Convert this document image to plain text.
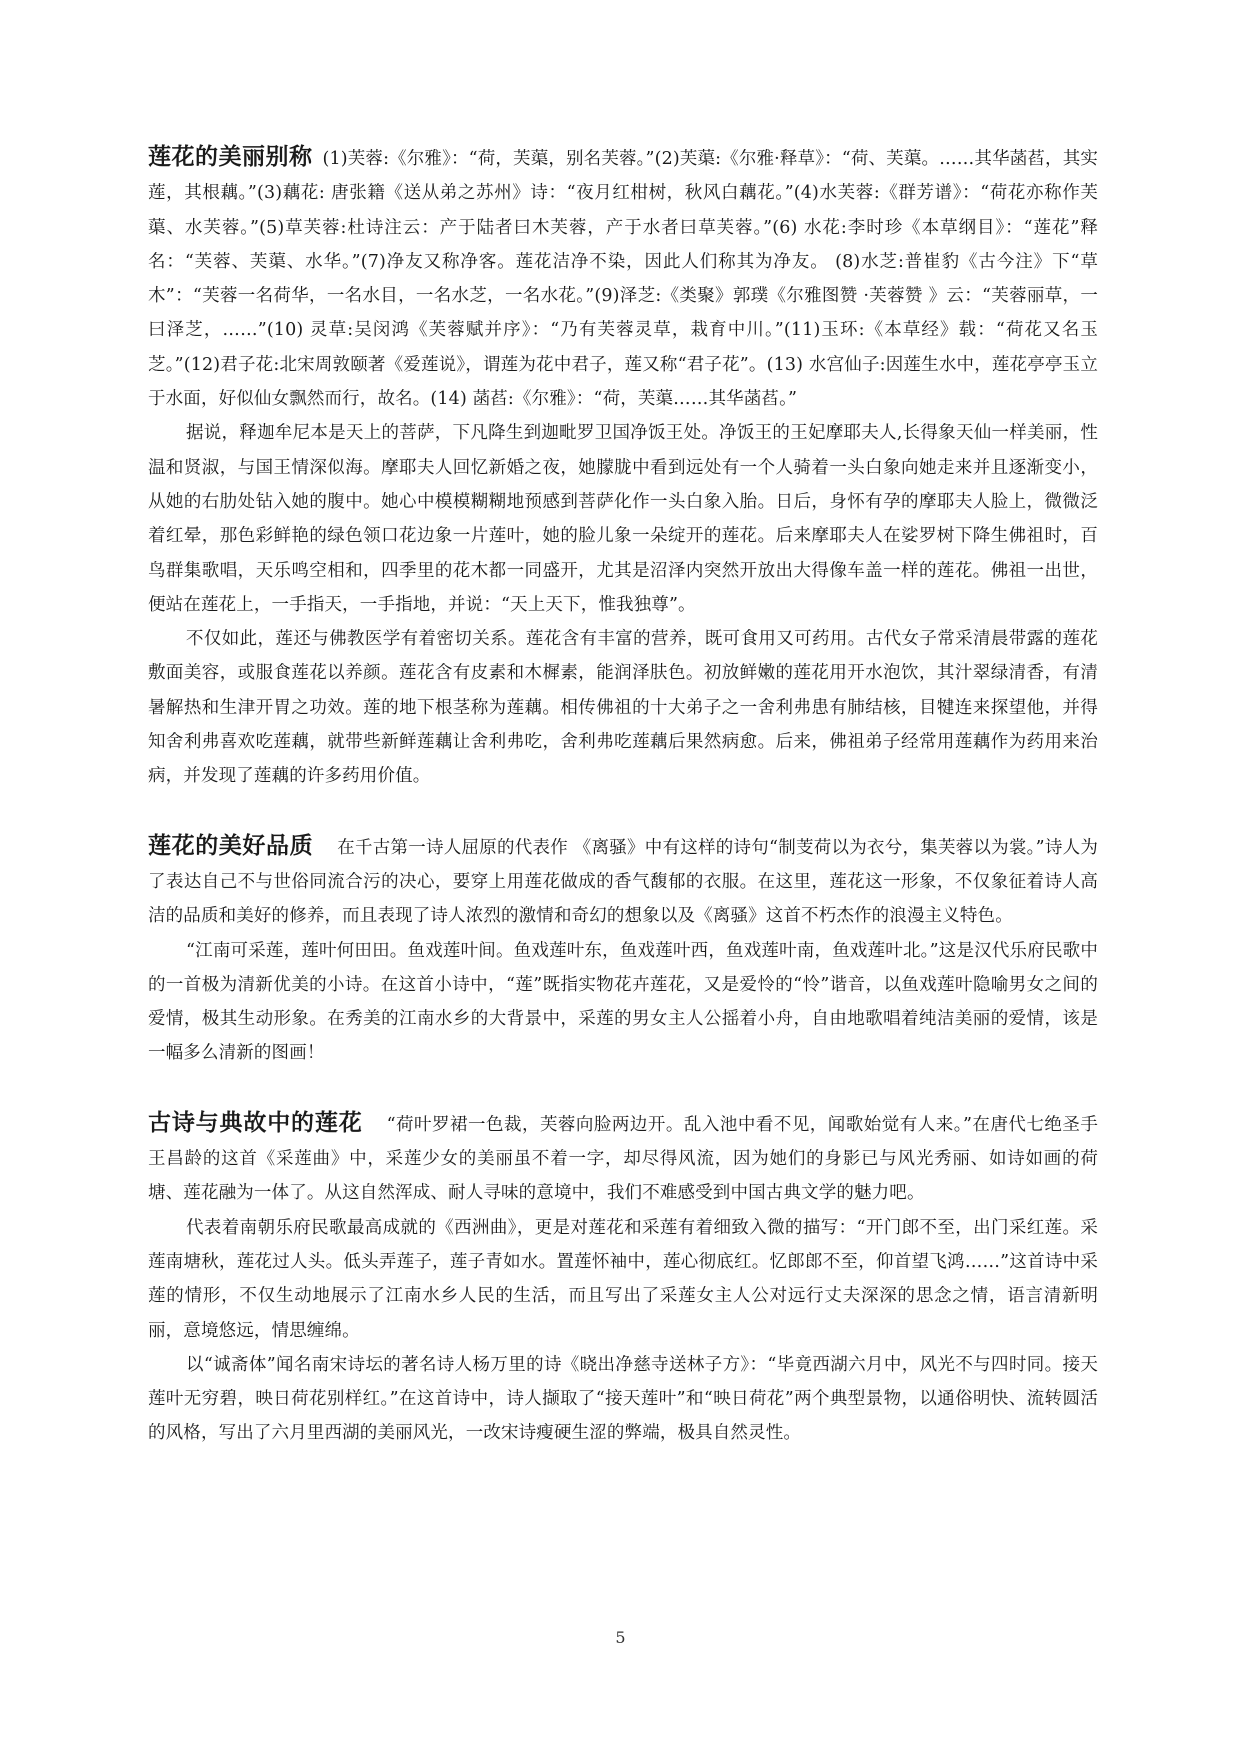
莲花的美丽别称 (1)芙蓉:《尔雅》：“荷，芙蕖，别名芙蓉。”(2)芙蕖:《尔雅·释草》：“荷、芙蕖。……其华菡萏，其实莲，其根藕。”(3)藕花: 唐张籍《送从弟之苏州》诗：“夜月红柑树，秋风白藕花。”(4)水芙蓉:《群芳谱》：“荷花亦称作芙蕖、水芙蓉。”(5)草芙蓉:杜诗注云：产于陆者曰木芙蓉，产于水者曰草芙蓉。”(6) 水花:李时珍《本草纲目》：“莲花”释名：“芙蓉、芙蕖、水华。”(7)净友又称净客。莲花洁净不染，因此人们称其为净友。 (8)水芝:普崔豹《古今注》下“草木”：“芙蓉一名荷华，一名水目，一名水芝，一名水花。”(9)泽芝:《类聚》郭璞《尔雅图赞 ·芙蓉赞 》云：“芙蓉丽草，一曰泽芝，……”(10) 灵草:吴闵鸿《芙蓉赋并序》：“乃有芙蓉灵草，栽育中川。”(11)玉环:《本草经》载：“荷花又名玉芝。”(12)君子花:北宋周敦颐著《爱莲说》，谓莲为花中君子，莲又称“君子花”。(13) 水宫仙子:因莲生水中，莲花亭亭玉立于水面，好似仙女飘然而行，故名。(14) 菡萏:《尔雅》：“荷，芙蕖……其华菡萏。”

据说，释迦牟尼本是天上的菩萨，下凡降生到迦毗罗卫国净饭王处。净饭王的王妃摩耶夫人,长得象天仙一样美丽，性温和贤淑，与国王情深似海。摩耶夫人回忆新婚之夜，她朦胧中看到远处有一个人骑着一头白象向她走来并且逐渐变小，从她的右肋处钻入她的腹中。她心中模模糊糊地预感到菩萨化作一头白象入胎。日后，身怀有孕的摩耶夫人脸上，微微泛着红晕，那色彩鲜艳的绿色领口花边象一片莲叶，她的脸儿象一朵绽开的莲花。后来摩耶夫人在娑罗树下降生佛祖时，百鸟群集歌唱，天乐鸣空相和，四季里的花木都一同盛开，尤其是沼泽内突然开放出大得像车盖一样的莲花。佛祖一出世，便站在莲花上，一手指天，一手指地，并说：“天上天下，惟我独尊”。

不仅如此，莲还与佛教医学有着密切关系。莲花含有丰富的营养，既可食用又可药用。古代女子常采清晨带露的莲花敷面美容，或服食莲花以养颜。莲花含有皮素和木樨素，能润泽肤色。初放鲜嫩的莲花用开水泡饮，其汁翠绿清香，有清暑解热和生津开胃之功效。莲的地下根茎称为莲藕。相传佛祖的十大弟子之一舍利弗患有肺结核，目犍连来探望他，并得知舍利弗喜欢吃莲藕，就带些新鲜莲藕让舍利弗吃，舍利弗吃莲藕后果然病愈。后来，佛祖弟子经常用莲藕作为药用来治病，并发现了莲藕的许多药用价值。

莲花的美好品质 在千古第一诗人屈原的代表作 《离骚》中有这样的诗句“制芰荷以为衣兮，集芙蓉以为裳。”诗人为了表达自己不与世俗同流合污的决心，要穿上用莲花做成的香气馥郁的衣服。在这里，莲花这一形象，不仅象征着诗人高洁的品质和美好的修养，而且表现了诗人浓烈的激情和奇幻的想象以及《离骚》这首不朽杰作的浪漫主义特色。

“江南可采莲，莲叶何田田。鱼戏莲叶间。鱼戏莲叶东，鱼戏莲叶西，鱼戏莲叶南，鱼戏莲叶北。”这是汉代乐府民歌中的一首极为清新优美的小诗。在这首小诗中，“莲”既指实物花卉莲花，又是爱怜的“怜”谐音，以鱼戏莲叶隐喻男女之间的爱情，极其生动形象。在秀美的江南水乡的大背景中，采莲的男女主人公摇着小舟，自由地歌唱着纯洁美丽的爱情，该是一幅多么清新的图画！

古诗与典故中的莲花 “荷叶罗裙一色裁，芙蓉向脸两边开。乱入池中看不见，闻歌始觉有人来。”在唐代七绝圣手王昌龄的这首《采莲曲》中，采莲少女的美丽虽不着一字，却尽得风流，因为她们的身影已与风光秀丽、如诗如画的荷塘、莲花融为一体了。从这自然浑成、耐人寻味的意境中，我们不难感受到中国古典文学的魅力吧。

代表着南朝乐府民歌最高成就的《西洲曲》，更是对莲花和采莲有着细致入微的描写：“开门郎不至，出门采红莲。采莲南塘秋，莲花过人头。低头弄莲子，莲子青如水。置莲怀袖中，莲心彻底红。忆郎郎不至，仰首望飞鸿……”这首诗中采莲的情形，不仅生动地展示了江南水乡人民的生活，而且写出了采莲女主人公对远行丈夫深深的思念之情，语言清新明丽，意境悠远，情思缠绵。

以“诚斋体”闻名南宋诗坛的著名诗人杨万里的诗《晓出净慈寺送林子方》：“毕竟西湖六月中，风光不与四时同。接天莲叶无穷碧，映日荷花别样红。”在这首诗中，诗人撷取了“接天莲叶”和“映日荷花”两个典型景物，以通俗明快、流转圆活的风格，写出了六月里西湖的美丽风光，一改宋诗瘦硬生涩的弊端，极具自然灵性。

5
